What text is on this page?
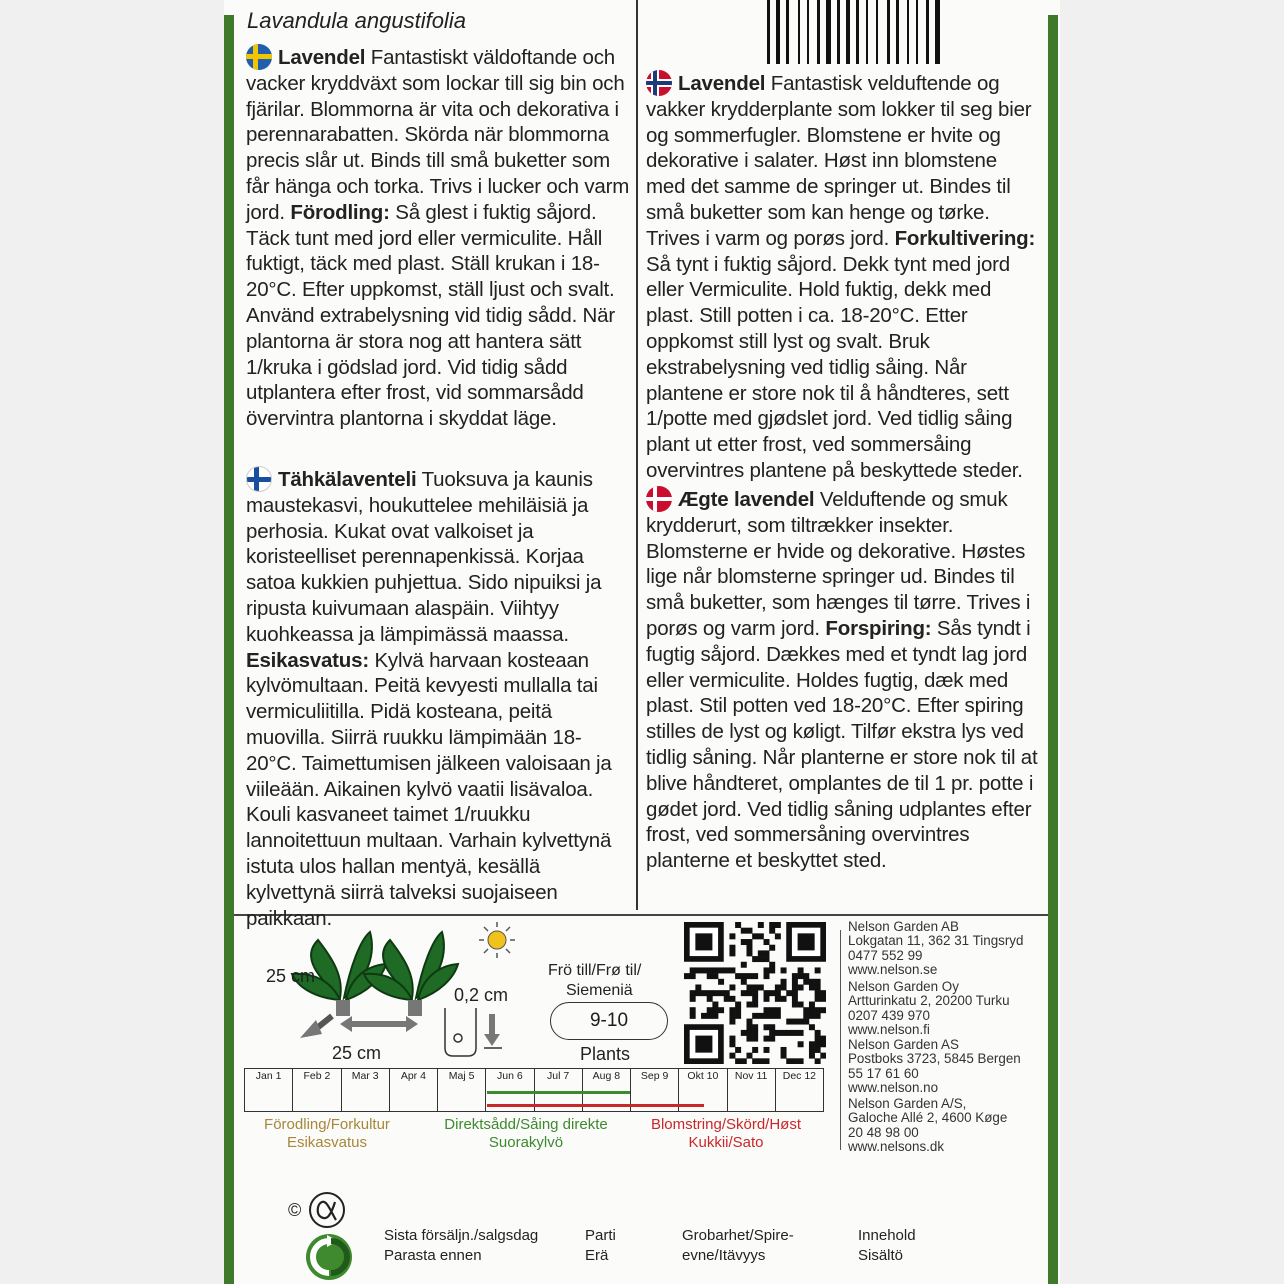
Lavandula angustifolia
Lavendel Fantastiskt väldoftande och vacker kryddväxt som lockar till sig bin och fjärilar. Blommorna är vita och dekorativa i perennarabatten. Skörda när blommorna precis slår ut. Binds till små buketter som får hänga och torka. Trivs i lucker och varm jord. Förodling: Så glest i fuktig såjord. Täck tunt med jord eller vermiculite. Håll fuktigt, täck med plast. Ställ krukan i 18-20°C. Efter uppkomst, ställ ljust och svalt. Använd extrabelysning vid tidig sådd. När plantorna är stora nog att hantera sätt 1/kruka i gödslad jord. Vid tidig sådd utplantera efter frost, vid sommarsådd övervintra plantorna i skyddat läge.
Tähkälaventeli Tuoksuva ja kaunis maustekasvi, houkuttelee mehiläisiä ja perhosia. Kukat ovat valkoiset ja koristeelliset perennapenkissä. Korjaa satoa kukkien puhjettua. Sido nipuiksi ja ripusta kuivumaan alaspäin. Viihtyy kuohkeassa ja lämpimässä maassa. Esikasvatus: Kylvä harvaan kosteaan kylvömultaan. Peitä kevyesti mullalla tai vermiculiitilla. Pidä kosteana, peitä muovilla. Siirrä ruukku lämpimään 18-20°C. Taimettumisen jälkeen valoisaan ja viileään. Aikainen kylvö vaatii lisävaloa. Kouli kasvaneet taimet 1/ruukku lannoitettuun multaan. Varhain kylvettynä istuta ulos hallan mentyä, kesällä kylvettynä siirrä talveksi suojaiseen paikkaan.
Lavendel Fantastisk velduftende og vakker krydderplante som lokker til seg bier og sommerfugler. Blomstene er hvite og dekorative i salater. Høst inn blomstene med det samme de springer ut. Bindes til små buketter som kan henge og tørke. Trives i varm og porøs jord. Forkultivering: Så tynt i fuktig såjord. Dekk tynt med jord eller Vermiculite. Hold fuktig, dekk med plast. Still potten i ca. 18-20°C. Etter oppkomst still lyst og svalt. Bruk ekstrabelysning ved tidlig såing. Når plantene er store nok til å håndteres, sett 1/potte med gjødslet jord. Ved tidlig såing plant ut etter frost, ved sommersåing overvintres plantene på beskyttede steder.
Ægte lavendel Velduftende og smuk krydderurt, som tiltrækker insekter. Blomsterne er hvide og dekorative. Høstes lige når blomsterne springer ud. Bindes til små buketter, som hænges til tørre. Trives i porøs og varm jord. Forspiring: Sås tyndt i fugtig såjord. Dækkes med et tyndt lag jord eller vermiculite. Holdes fugtig, dæk med plast. Stil potten ved 18-20°C. Efter spiring stilles de lyst og køligt. Tilfør ekstra lys ved tidlig såning. Når planterne er store nok til at blive håndteret, omplantes de til 1 pr. potte i gødet jord. Ved tidlig såning udplantes efter frost, ved sommersåning overvintres planterne et beskyttet sted.
25 cm
25 cm
0,2 cm
Frö till/Frø til/
Siemeniä
9-10
Plants
Nelson Garden AB
Lokgatan 11, 362 31 Tingsryd
0477 552 99
www.nelson.se
Nelson Garden Oy
Artturinkatu 2, 20200 Turku
0207 439 970
www.nelson.fi
Nelson Garden AS
Postboks 3723, 5845 Bergen
55 17 61 60
www.nelson.no
Nelson Garden A/S,
Galoche Allé 2, 4600 Køge
20 48 98 00
www.nelsons.dk
Jan 1	Feb 2	Mar 3	Apr 4	Maj 5	Jun 6	Jul 7	Aug 8	Sep 9	Okt 10	Nov 11	Dec 12
Förodling/Forkultur
Esikasvatus
Direktsådd/Såing direkte
Suorakylvö
Blomstring/Skörd/Høst
Kukkii/Sato
©
Sista försäljn./salgsdag
Parasta ennen
Parti
Erä
Grobarhet/Spire-
evne/Itävyys
Innehold
Sisältö
